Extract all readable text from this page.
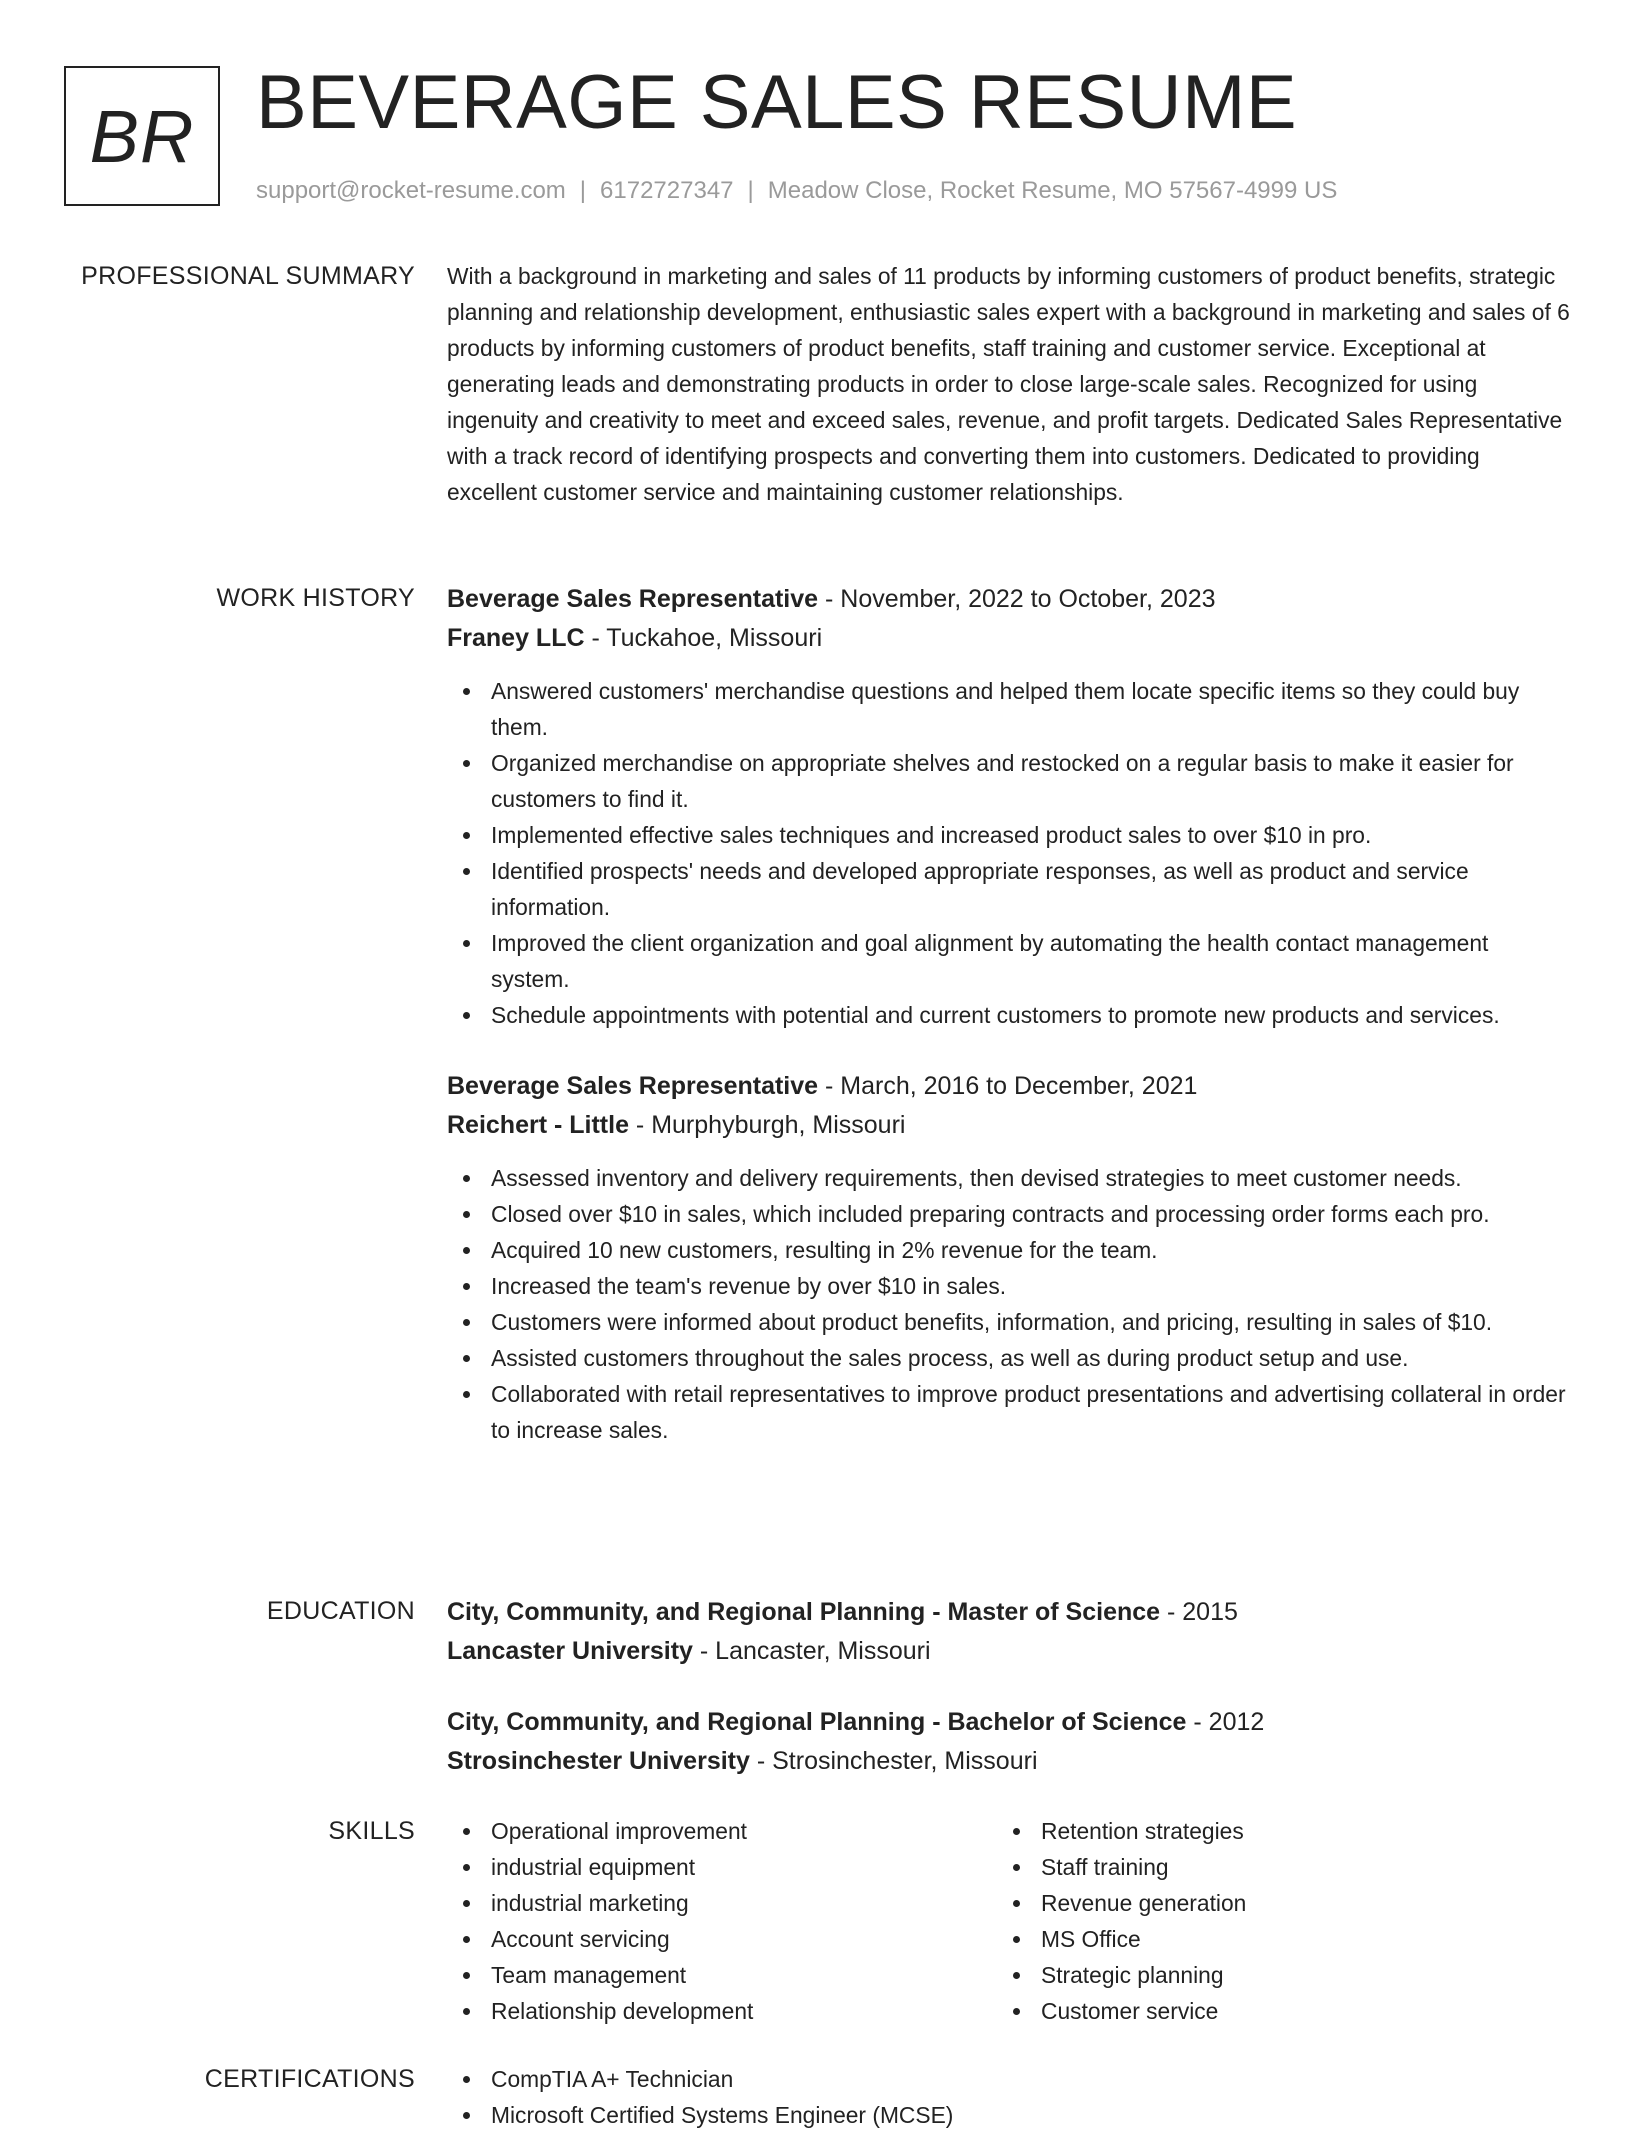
BR BEVERAGE SALES RESUME
support@rocket-resume.com | 6172727347 | Meadow Close, Rocket Resume, MO 57567-4999 US
PROFESSIONAL SUMMARY With a background in marketing and sales of 11 products by informing customers of product benefits, strategic planning and relationship development, enthusiastic sales expert with a background in marketing and sales of 6 products by informing customers of product benefits, staff training and customer service. Exceptional at generating leads and demonstrating products in order to close large-scale sales. Recognized for using ingenuity and creativity to meet and exceed sales, revenue, and profit targets. Dedicated Sales Representative with a track record of identifying prospects and converting them into customers. Dedicated to providing excellent customer service and maintaining customer relationships.

WORK HISTORY Beverage Sales Representative - November, 2022 to October, 2023
Franey LLC - Tuckahoe, Missouri
Answered customers' merchandise questions and helped them locate specific items so they could buy them.
Organized merchandise on appropriate shelves and restocked on a regular basis to make it easier for customers to find it.
Implemented effective sales techniques and increased product sales to over $10 in pro.
Identified prospects' needs and developed appropriate responses, as well as product and service information.
Improved the client organization and goal alignment by automating the health contact management system.
Schedule appointments with potential and current customers to promote new products and services.
Beverage Sales Representative - March, 2016 to December, 2021
Reichert - Little - Murphyburgh, Missouri
Assessed inventory and delivery requirements, then devised strategies to meet customer needs.
Closed over $10 in sales, which included preparing contracts and processing order forms each pro.
Acquired 10 new customers, resulting in 2% revenue for the team.
Increased the team's revenue by over $10 in sales.
Customers were informed about product benefits, information, and pricing, resulting in sales of $10.
Assisted customers throughout the sales process, as well as during product setup and use.
Collaborated with retail representatives to improve product presentations and advertising collateral in order to increase sales.
EDUCATION City, Community, and Regional Planning - Master of Science - 2015
Lancaster University - Lancaster, Missouri
City, Community, and Regional Planning - Bachelor of Science - 2012
Strosinchester University - Strosinchester, Missouri
SKILLS	Operational improvement
industrial equipment
industrial marketing
Account servicing
Team management
Relationship development
Retention strategies
Staff training
Revenue generation
MS Office
Strategic planning
Customer service
CERTIFICATIONS	CompTIA A+ Technician
Microsoft Certified Systems Engineer (MCSE)
